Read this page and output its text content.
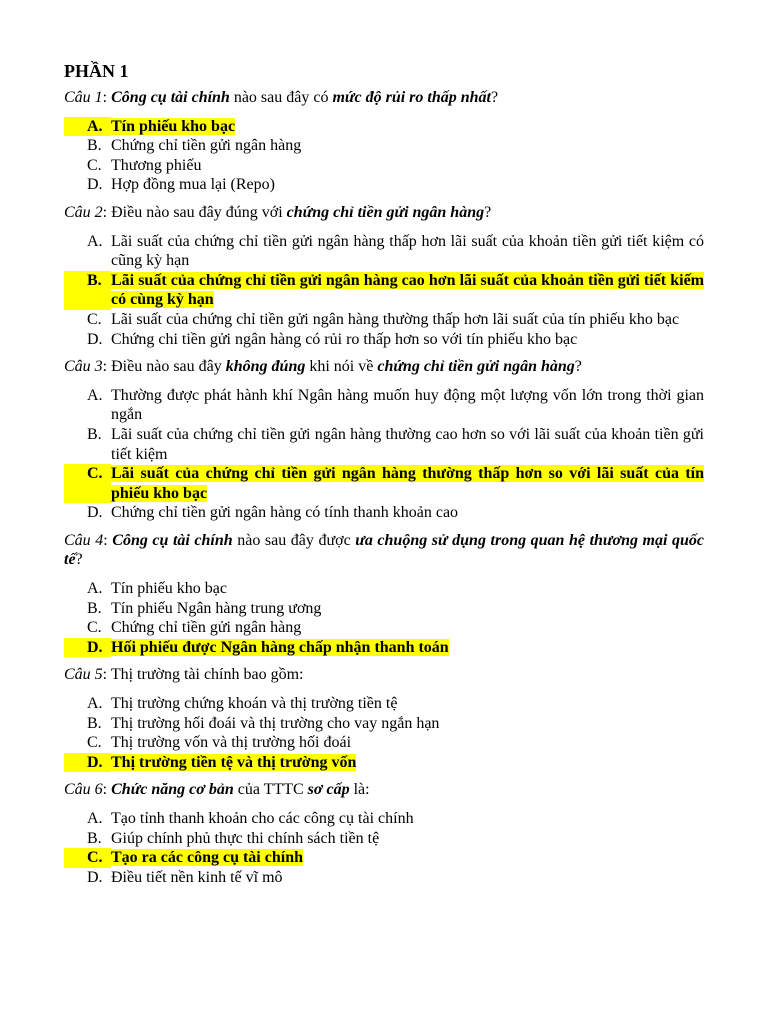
PHẦN 1

Câu 1: Công cụ tài chính nào sau đây có mức độ rủi ro thấp nhất?

A. Tín phiếu kho bạc
B. Chứng chỉ tiền gửi ngân hàng
C. Thương phiếu
D. Hợp đồng mua lại (Repo)

Câu 2: Điều nào sau đây đúng với chứng chỉ tiền gửi ngân hàng?

A. Lãi suất của chứng chỉ tiền gửi ngân hàng thấp hơn lãi suất của khoản tiền gửi tiết kiệm có cũng kỳ hạn
B. Lãi suất của chứng chỉ tiền gửi ngân hàng cao hơn lãi suất của khoản tiền gửi tiết kiếm có cùng kỳ hạn
C. Lãi suất của chứng chỉ tiền gửi ngân hàng thường thấp hơn lãi suất của tín phiếu kho bạc
D. Chứng chi tiền gửi ngân hàng có rủi ro thấp hơn so với tín phiếu kho bạc

Câu 3: Điều nào sau đây không đúng khi nói về chứng chỉ tiền gửi ngân hàng?

A. Thường được phát hành khí Ngân hàng muốn huy động một lượng vốn lớn trong thời gian ngắn
B. Lãi suất của chứng chỉ tiền gửi ngân hàng thường cao hơn so với lãi suất của khoản tiền gửi tiết kiệm
C. Lãi suất của chứng chỉ tiền gửi ngân hàng thường thấp hơn so với lãi suất của tín phiếu kho bạc
D. Chứng chỉ tiền gửi ngân hàng có tính thanh khoản cao

Câu 4: Công cụ tài chính nào sau đây được ưa chuộng sử dụng trong quan hệ thương mại quốc tế?

A. Tín phiếu kho bạc
B. Tín phiếu Ngân hàng trung ương
C. Chứng chỉ tiền gửi ngân hàng
D. Hối phiếu được Ngân hàng chấp nhận thanh toán

Câu 5: Thị trường tài chính bao gồm:

A. Thị trường chứng khoán và thị trường tiền tệ
B. Thị trường hối đoái và thị trường cho vay ngắn hạn
C. Thị trường vốn và thị trường hối đoái
D. Thị trường tiền tệ và thị trường vốn

Câu 6: Chức năng cơ bản của TTTC sơ cấp là:

A. Tạo tỉnh thanh khoản cho các công cụ tài chính
B. Giúp chính phủ thực thi chính sách tiền tệ
C. Tạo ra các công cụ tài chính
D. Điều tiết nền kinh tế vĩ mô
